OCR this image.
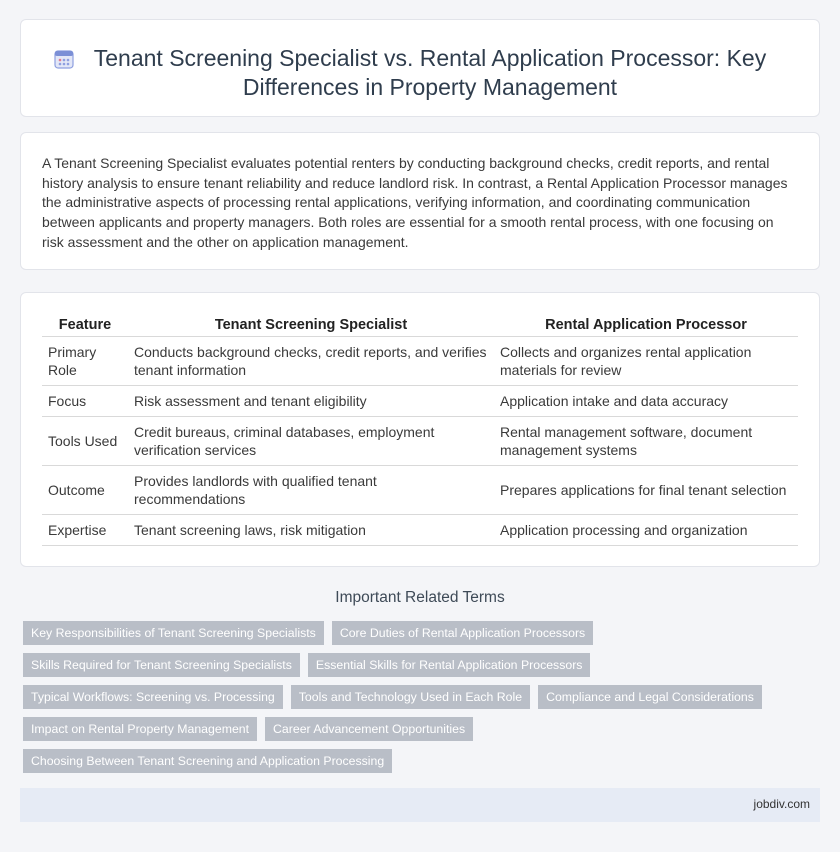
Tenant Screening Specialist vs. Rental Application Processor: Key Differences in Property Management

A Tenant Screening Specialist evaluates potential renters by conducting background checks, credit reports, and rental history analysis to ensure tenant reliability and reduce landlord risk. In contrast, a Rental Application Processor manages the administrative aspects of processing rental applications, verifying information, and coordinating communication between applicants and property managers. Both roles are essential for a smooth rental process, with one focusing on risk assessment and the other on application management.

Feature	Tenant Screening Specialist	Rental Application Processor
Primary Role	Conducts background checks, credit reports, and verifies tenant information	Collects and organizes rental application materials for review
Focus	Risk assessment and tenant eligibility	Application intake and data accuracy
Tools Used	Credit bureaus, criminal databases, employment verification services	Rental management software, document management systems
Outcome	Provides landlords with qualified tenant recommendations	Prepares applications for final tenant selection
Expertise	Tenant screening laws, risk mitigation	Application processing and organization
Important Related Terms
Key Responsibilities of Tenant Screening Specialists	Core Duties of Rental Application Processors
Skills Required for Tenant Screening Specialists	Essential Skills for Rental Application Processors
Typical Workflows: Screening vs. Processing	Tools and Technology Used in Each Role	Compliance and Legal Considerations
Impact on Rental Property Management	Career Advancement Opportunities
Choosing Between Tenant Screening and Application Processing
jobdiv.com
